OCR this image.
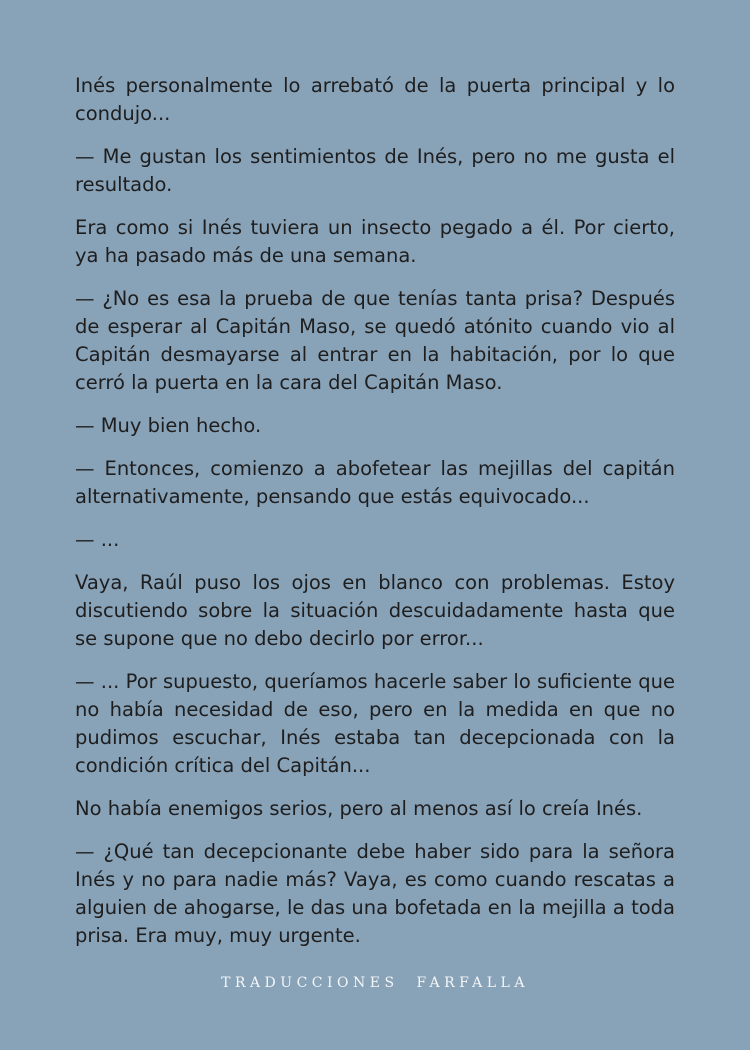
Inés personalmente lo arrebató de la puerta principal y lo condujo...

— Me gustan los sentimientos de Inés, pero no me gusta el resultado.

Era como si Inés tuviera un insecto pegado a él. Por cierto, ya ha pasado más de una semana.

— ¿No es esa la prueba de que tenías tanta prisa? Después de esperar al Capitán Maso, se quedó atónito cuando vio al Capitán desmayarse al entrar en la habitación, por lo que cerró la puerta en la cara del Capitán Maso.

— Muy bien hecho.

— Entonces, comienzo a abofetear las mejillas del capitán alternativamente, pensando que estás equivocado...

— ...

Vaya, Raúl puso los ojos en blanco con problemas. Estoy discutiendo sobre la situación descuidadamente hasta que se supone que no debo decirlo por error...

— ... Por supuesto, queríamos hacerle saber lo suficiente que no había necesidad de eso, pero en la medida en que no pudimos escuchar, Inés estaba tan decepcionada con la condición crítica del Capitán...

No había enemigos serios, pero al menos así lo creía Inés.

— ¿Qué tan decepcionante debe haber sido para la señora Inés y no para nadie más? Vaya, es como cuando rescatas a alguien de ahogarse, le das una bofetada en la mejilla a toda prisa. Era muy, muy urgente.

TRADUCCIONES  FARFALLA
